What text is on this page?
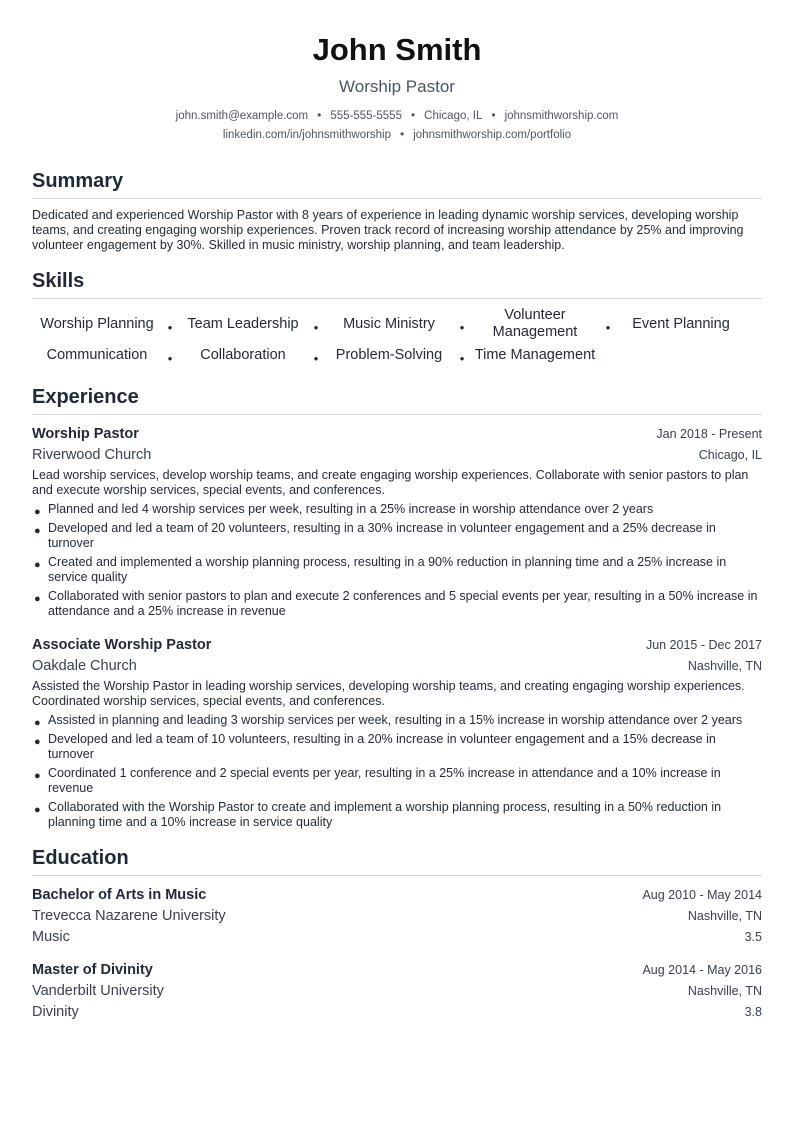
John Smith
Worship Pastor
john.smith@example.com • 555-555-5555 • Chicago, IL • johnsmithworship.com
linkedin.com/in/johnsmithworship • johnsmithworship.com/portfolio
Summary
Dedicated and experienced Worship Pastor with 8 years of experience in leading dynamic worship services, developing worship teams, and creating engaging worship experiences. Proven track record of increasing worship attendance by 25% and improving volunteer engagement by 30%. Skilled in music ministry, worship planning, and team leadership.
Skills
Worship Planning	•	Team Leadership	•	Music Ministry	•
Volunteer Management	•	Event Planning
Communication	•	Collaboration	•	Problem-Solving	• Time Management
Experience
Worship Pastor	Jan 2018 - Present
Riverwood Church	Chicago, IL
Lead worship services, develop worship teams, and create engaging worship experiences. Collaborate with senior pastors to plan and execute worship services, special events, and conferences.
● Planned and led 4 worship services per week, resulting in a 25% increase in worship attendance over 2 years
● Developed and led a team of 20 volunteers, resulting in a 30% increase in volunteer engagement and a 25% decrease in turnover
● Created and implemented a worship planning process, resulting in a 90% reduction in planning time and a 25% increase in service quality
● Collaborated with senior pastors to plan and execute 2 conferences and 5 special events per year, resulting in a 50% increase in attendance and a 25% increase in revenue
Associate Worship Pastor	Jun 2015 - Dec 2017
Oakdale Church	Nashville, TN
Assisted the Worship Pastor in leading worship services, developing worship teams, and creating engaging worship experiences. Coordinated worship services, special events, and conferences.
● Assisted in planning and leading 3 worship services per week, resulting in a 15% increase in worship attendance over 2 years
● Developed and led a team of 10 volunteers, resulting in a 20% increase in volunteer engagement and a 15% decrease in turnover
● Coordinated 1 conference and 2 special events per year, resulting in a 25% increase in attendance and a 10% increase in revenue
● Collaborated with the Worship Pastor to create and implement a worship planning process, resulting in a 50% reduction in planning time and a 10% increase in service quality
Education
Bachelor of Arts in Music	Aug 2010 - May 2014
Trevecca Nazarene University	Nashville, TN
Music	3.5
Master of Divinity	Aug 2014 - May 2016
Vanderbilt University	Nashville, TN
Divinity	3.8
